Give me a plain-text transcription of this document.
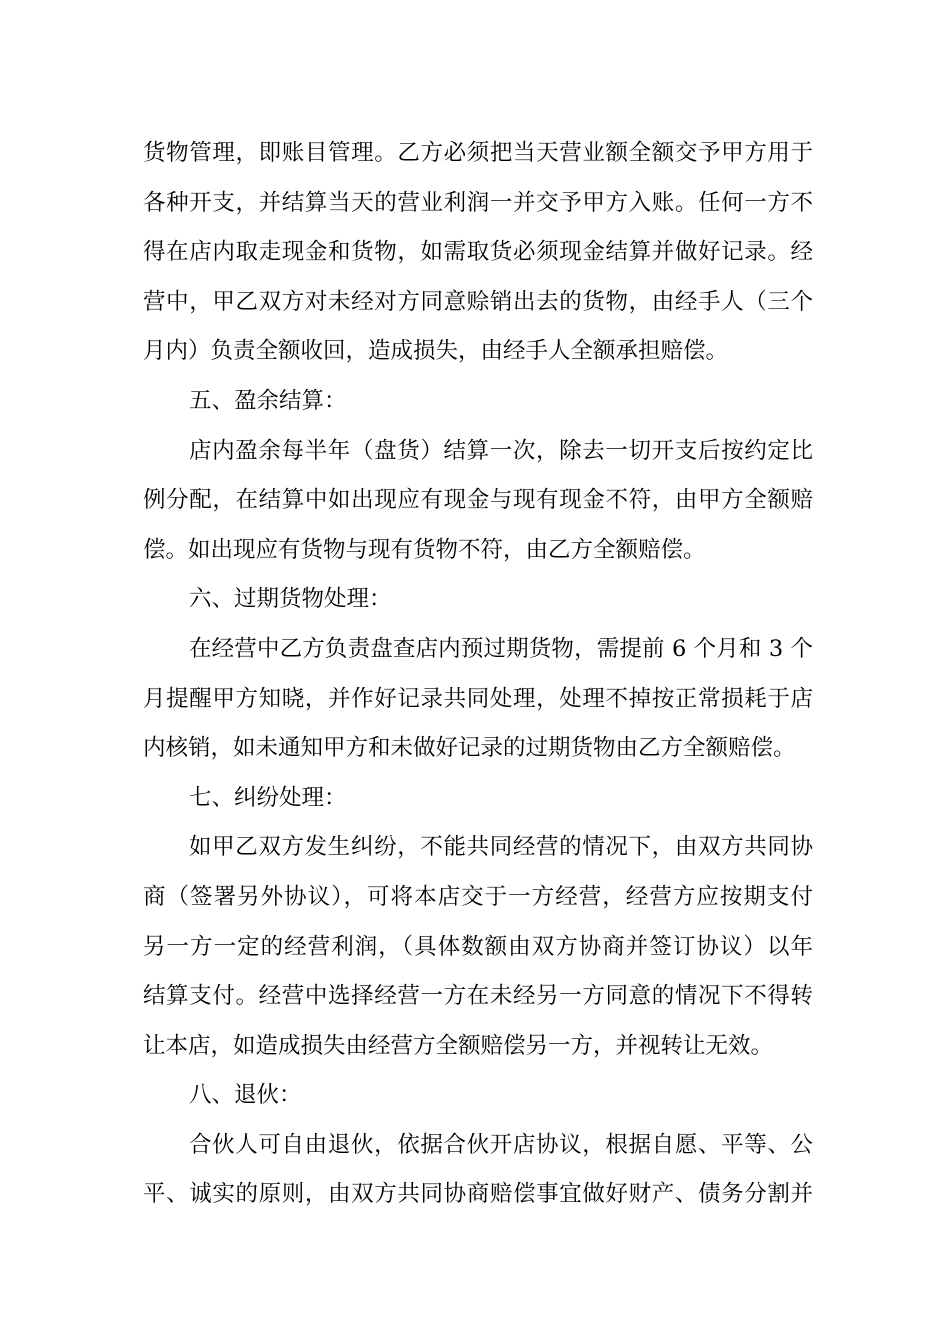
货物管理，即账目管理。乙方必须把当天营业额全额交予甲方用于
各种开支，并结算当天的营业利润一并交予甲方入账。任何一方不
得在店内取走现金和货物，如需取货必须现金结算并做好记录。经
营中，甲乙双方对未经对方同意赊销出去的货物，由经手人（三个
月内）负责全额收回，造成损失，由经手人全额承担赔偿。
五、盈余结算：
店内盈余每半年（盘货）结算一次，除去一切开支后按约定比
例分配，在结算中如出现应有现金与现有现金不符，由甲方全额赔
偿。如出现应有货物与现有货物不符，由乙方全额赔偿。
六、过期货物处理：
在经营中乙方负责盘查店内预过期货物，需提前 6 个月和 3 个
月提醒甲方知晓，并作好记录共同处理，处理不掉按正常损耗于店
内核销，如未通知甲方和未做好记录的过期货物由乙方全额赔偿。
七、纠纷处理：
如甲乙双方发生纠纷，不能共同经营的情况下，由双方共同协
商（签署另外协议），可将本店交于一方经营，经营方应按期支付
另一方一定的经营利润，（具体数额由双方协商并签订协议）以年
结算支付。经营中选择经营一方在未经另一方同意的情况下不得转
让本店，如造成损失由经营方全额赔偿另一方，并视转让无效。
八、退伙：
合伙人可自由退伙，依据合伙开店协议，根据自愿、平等、公
平、诚实的原则，由双方共同协商赔偿事宜做好财产、债务分割并
